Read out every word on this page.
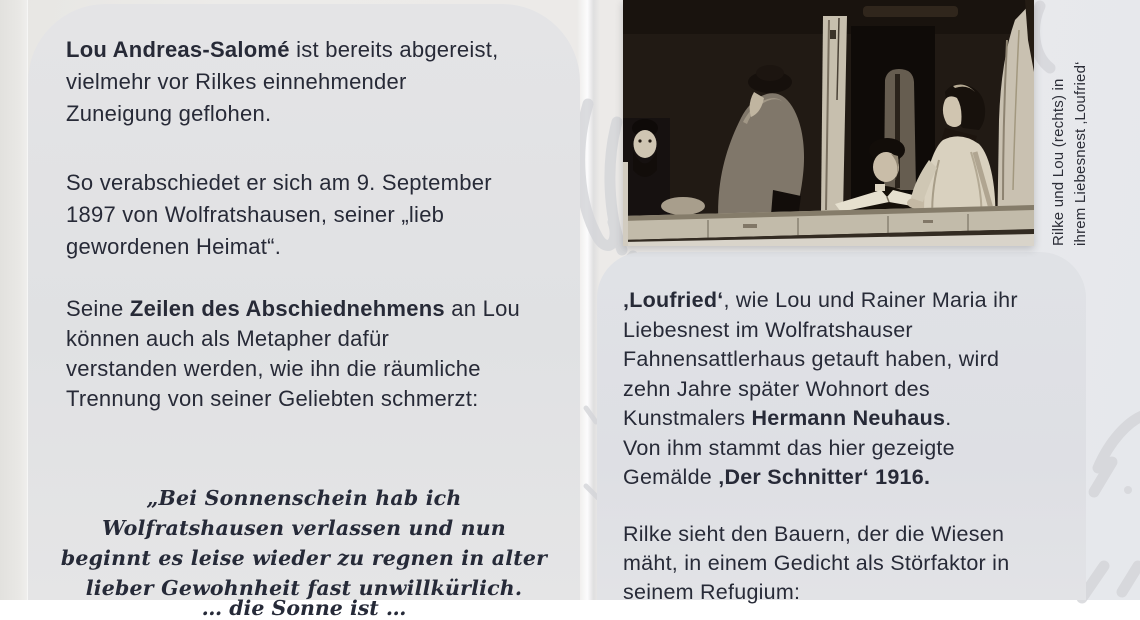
Lou Andreas-Salomé ist bereits abgereist,
vielmehr vor Rilkes einnehmender
Zuneigung geflohen.

So verabschiedet er sich am 9. September
1897 von Wolfratshausen, seiner „lieb
gewordenen Heimat“.

Seine Zeilen des Abschiednehmens an Lou
können auch als Metapher dafür
verstanden werden, wie ihn die räumliche
Trennung von seiner Geliebten schmerzt:

„Bei Sonnenschein hab ich
Wolfratshausen verlassen und nun
beginnt es leise wieder zu regnen in alter
lieber Gewohnheit fast unwillkürlich.
… die Sonne ist …

‚Loufried‘, wie Lou und Rainer Maria ihr
Liebesnest im Wolfratshauser
Fahnensattlerhaus getauft haben, wird
zehn Jahre später Wohnort des
Kunstmalers Hermann Neuhaus.
Von ihm stammt das hier gezeigte
Gemälde ‚Der Schnitter‘ 1916.

Rilke sieht den Bauern, der die Wiesen
mäht, in einem Gedicht als Störfaktor in
seinem Refugium:

Rilke und Lou (rechts) in ihrem Liebesnest ‚Loufried‘
